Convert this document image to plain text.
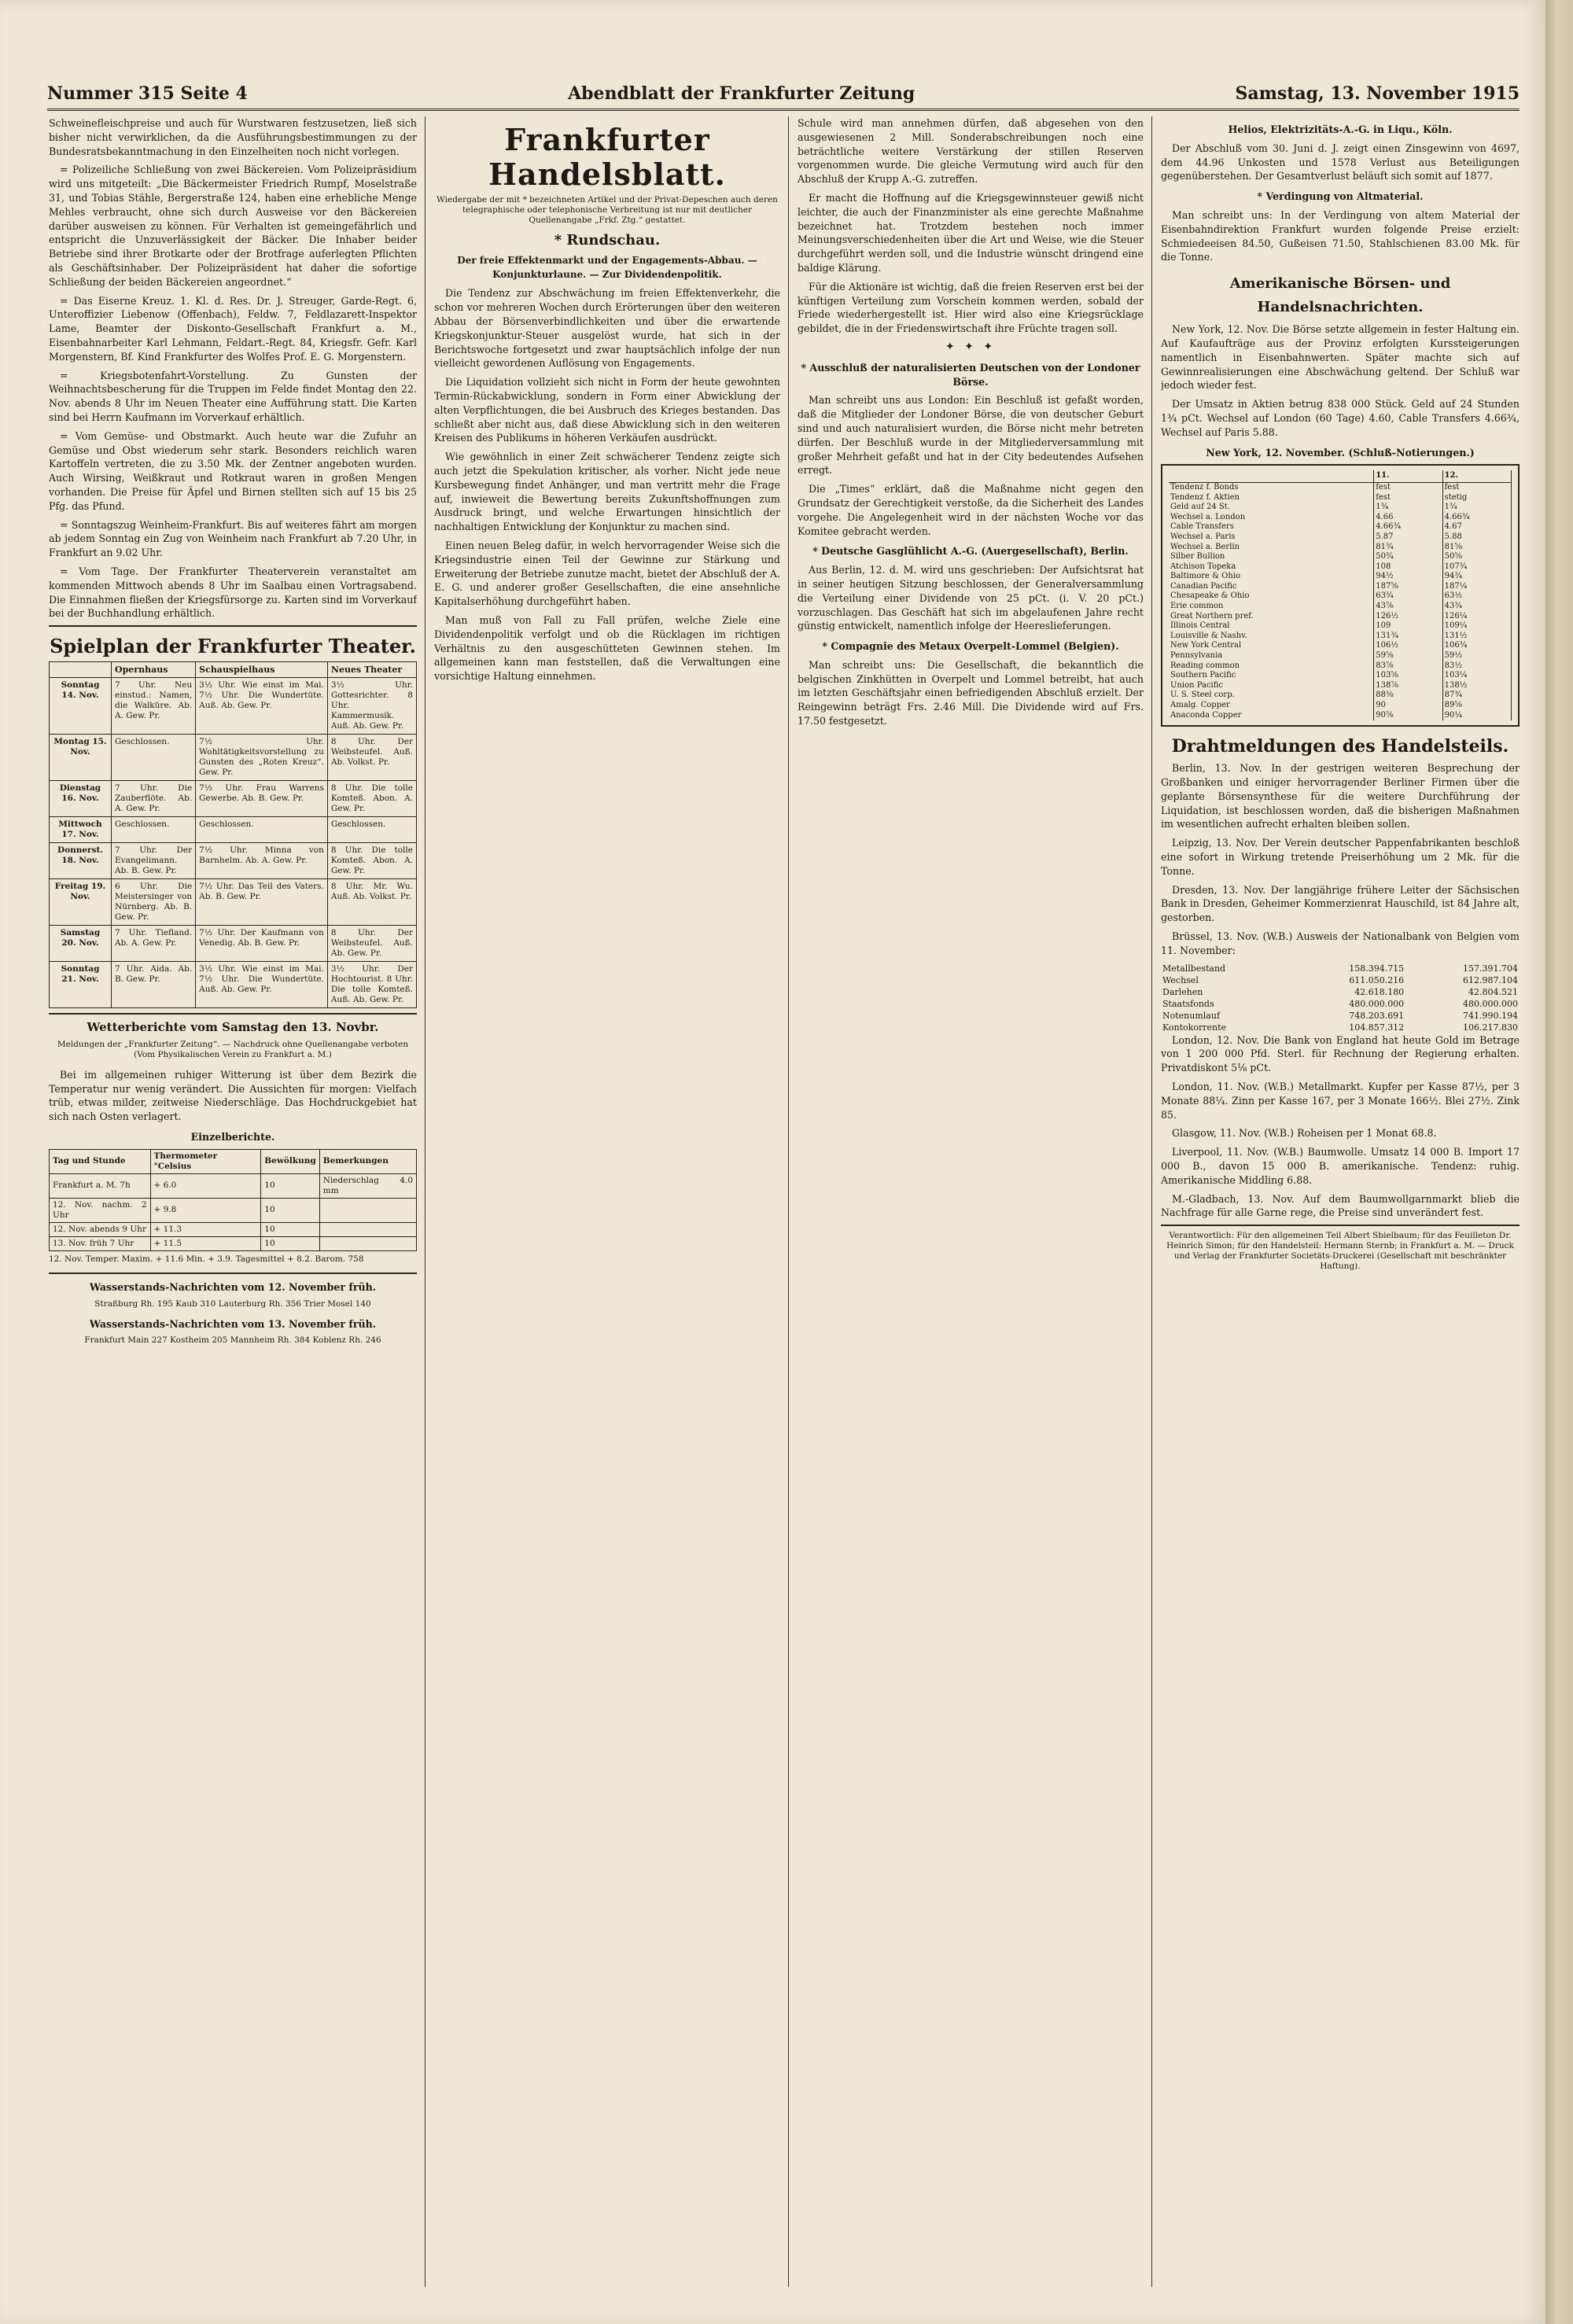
Nummer 315 Seite 4	Abendblatt der Frankfurter Zeitung	Samstag, 13. November 1915

Schweinefleischpreise und auch für Wurstwaren festzusetzen, ließ sich bisher nicht verwirklichen, da die Ausführungsbestimmungen zu der Bundesratsbekanntmachung in den Einzelheiten noch nicht vorlegen.

= Polizeiliche Schließung von zwei Bäckereien. Vom Polizeipräsidium wird uns mitgeteilt: „Die Bäckermeister Friedrich Rumpf, Moselstraße 31, und Tobias Stähle, Bergerstraße 124, haben eine erhebliche Menge Mehles verbraucht, ohne sich durch Ausweise vor den Bäckereien darüber ausweisen zu können. Für Verhalten ist gemeingefährlich und entspricht die Unzuverlässigkeit der Bäcker. Die Inhaber beider Betriebe sind ihrer Brotkarte oder der Brotfrage auferlegten Pflichten als Geschäftsinhaber. Der Polizeipräsident hat daher die sofortige Schließung der beiden Bäckereien angeordnet.“

= Das Eiserne Kreuz. 1. Kl. d. Res. Dr. J. Streuger, Garde-Regt. 6, Unteroffizier Liebenow (Offenbach), Feldw. 7, Feldlazarett-Inspektor Lame, Beamter der Diskonto-Gesellschaft Frankfurt a. M., Eisenbahnarbeiter Karl Lehmann, Feldart.-Regt. 84, Kriegsfr. Gefr. Karl Morgenstern, Bf. Kind Frankfurter des Wolfes Prof. E. G. Morgenstern.

= Kriegsbotenfahrt-Vorstellung. Zu Gunsten der Weihnachtsbescherung für die Truppen im Felde findet Montag den 22. Nov. abends 8 Uhr im Neuen Theater eine Aufführung statt. Die Karten sind bei Herrn Kaufmann im Vorverkauf erhältlich.

= Vom Gemüse- und Obstmarkt. Auch heute war die Zufuhr an Gemüse und Obst wiederum sehr stark. Besonders reichlich waren Kartoffeln vertreten, die zu 3.50 Mk. der Zentner angeboten wurden. Auch Wirsing, Weißkraut und Rotkraut waren in großen Mengen vorhanden. Die Preise für Äpfel und Birnen stellten sich auf 15 bis 25 Pfg. das Pfund.

= Sonntagszug Weinheim-Frankfurt. Bis auf weiteres fährt am morgen ab jedem Sonntag ein Zug von Weinheim nach Frankfurt ab 7.20 Uhr, in Frankfurt an 9.02 Uhr.

= Vom Tage. Der Frankfurter Theaterverein veranstaltet am kommenden Mittwoch abends 8 Uhr im Saalbau einen Vortragsabend. Die Einnahmen fließen der Kriegsfürsorge zu. Karten sind im Vorverkauf bei der Buchhandlung erhältlich.

Spielplan der Frankfurter Theater.
	Opernhaus	Schauspielhaus	Neues Theater
Sonntag 14. Nov.	7 Uhr. Neu einstud.: Namen, die Walküre. Ab. A. Gew. Pr.	3½ Uhr. Wie einst im Mai. 7½ Uhr. Die Wundertüte. Auß. Ab. Gew. Pr.	3½ Uhr. Gottesrichter. 8 Uhr. Kammermusik. Auß. Ab. Gew. Pr.
Montag 15. Nov.	Geschlossen.	7½ Uhr. Wohltätigkeitsvorstellung zu Gunsten des „Roten Kreuz“. Gew. Pr.	8 Uhr. Der Weibsteufel. Auß. Ab. Volkst. Pr.
Dienstag 16. Nov.	7 Uhr. Die Zauberflöte. Ab. A. Gew. Pr.	7½ Uhr. Frau Warrens Gewerbe. Ab. B. Gew. Pr.	8 Uhr. Die tolle Komteß. Abon. A. Gew. Pr.
Mittwoch 17. Nov.	Geschlossen.	Geschlossen.	Geschlossen.
Donnerst. 18. Nov.	7 Uhr. Der Evangelimann. Ab. B. Gew. Pr.	7½ Uhr. Minna von Barnhelm. Ab. A. Gew. Pr.	8 Uhr. Die tolle Komteß. Abon. A. Gew. Pr.
Freitag 19. Nov.	6 Uhr. Die Meistersinger von Nürnberg. Ab. B. Gew. Pr.	7½ Uhr. Das Teil des Vaters. Ab. B. Gew. Pr.	8 Uhr. Mr. Wu. Auß. Ab. Volkst. Pr.
Samstag 20. Nov.	7 Uhr. Tiefland. Ab. A. Gew. Pr.	7½ Uhr. Der Kaufmann von Venedig. Ab. B. Gew. Pr.	8 Uhr. Der Weibsteufel. Auß. Ab. Gew. Pr.
Sonntag 21. Nov.	7 Uhr. Aida. Ab. B. Gew. Pr.	3½ Uhr. Wie einst im Mai. 7½ Uhr. Die Wundertüte. Auß. Ab. Gew. Pr.	3½ Uhr. Der Hochtourist. 8 Uhr. Die tolle Komteß. Auß. Ab. Gew. Pr.
Wetterberichte vom Samstag den 13. Novbr.
Meldungen der „Frankfurter Zeitung“. — Nachdruck ohne Quellenangabe verboten (Vom Physikalischen Verein zu Frankfurt a. M.)

Bei im allgemeinen ruhiger Witterung ist über dem Bezirk die Temperatur nur wenig verändert. Die Aussichten für morgen: Vielfach trüb, etwas milder, zeitweise Niederschläge. Das Hochdruckgebiet hat sich nach Osten verlagert.

Einzelberichte.
Tag und Stunde	Thermometer °Celsius	Bewölkung	Bemerkungen
Frankfurt a. M. 7h	+ 6.0	10	Niederschlag 4.0 mm
12. Nov. nachm. 2 Uhr	+ 9.8	10	
12. Nov. abends 9 Uhr	+ 11.3	10	
13. Nov. früh 7 Uhr	+ 11.5	10	
12. Nov. Temper. Maxim. + 11.6 Min. + 3.9. Tagesmittel + 8.2. Barom. 758
Wasserstands-Nachrichten vom 12. November früh.
Straßburg Rh. 195 Kaub 310 Lauterburg Rh. 356 Trier Mosel 140
Wasserstands-Nachrichten vom 13. November früh.
Frankfurt Main 227 Kostheim 205 Mannheim Rh. 384 Koblenz Rh. 246
Frankfurter Handelsblatt.
Wiedergabe der mit * bezeichneten Artikel und der Privat-Depeschen auch deren telegraphische oder telephonische Verbreitung ist nur mit deutlicher Quellenangabe „Frkf. Ztg.“ gestattet.
* Rundschau.
Der freie Effektenmarkt und der Engagements-Abbau. — Konjunkturlaune. — Zur Dividendenpolitik.

Die Tendenz zur Abschwächung im freien Effektenverkehr, die schon vor mehreren Wochen durch Erörterungen über den weiteren Abbau der Börsenverbindlichkeiten und über die erwartende Kriegskonjunktur-Steuer ausgelöst wurde, hat sich in der Berichtswoche fortgesetzt und zwar hauptsächlich infolge der nun vielleicht gewordenen Auflösung von Engagements.

Die Liquidation vollzieht sich nicht in Form der heute gewohnten Termin-Rückabwicklung, sondern in Form einer Abwicklung der alten Verpflichtungen, die bei Ausbruch des Krieges bestanden. Das schließt aber nicht aus, daß diese Abwicklung sich in den weiteren Kreisen des Publikums in höheren Verkäufen ausdrückt.

Wie gewöhnlich in einer Zeit schwächerer Tendenz zeigte sich auch jetzt die Spekulation kritischer, als vorher. Nicht jede neue Kursbewegung findet Anhänger, und man vertritt mehr die Frage auf, inwieweit die Bewertung bereits Zukunftshoffnungen zum Ausdruck bringt, und welche Erwartungen hinsichtlich der nachhaltigen Entwicklung der Konjunktur zu machen sind.

Einen neuen Beleg dafür, in welch hervorragender Weise sich die Kriegsindustrie einen Teil der Gewinne zur Stärkung und Erweiterung der Betriebe zunutze macht, bietet der Abschluß der A. E. G. und anderer großer Gesellschaften, die eine ansehnliche Kapitalserhöhung durchgeführt haben.

Man muß von Fall zu Fall prüfen, welche Ziele eine Dividendenpolitik verfolgt und ob die Rücklagen im richtigen Verhältnis zu den ausgeschütteten Gewinnen stehen. Im allgemeinen kann man feststellen, daß die Verwaltungen eine vorsichtige Haltung einnehmen.

Schule wird man annehmen dürfen, daß abgesehen von den ausgewiesenen 2 Mill. Sonderabschreibungen noch eine beträchtliche weitere Verstärkung der stillen Reserven vorgenommen wurde. Die gleiche Vermutung wird auch für den Abschluß der Krupp A.-G. zutreffen.

Er macht die Hoffnung auf die Kriegsgewinnsteuer gewiß nicht leichter, die auch der Finanzminister als eine gerechte Maßnahme bezeichnet hat. Trotzdem bestehen noch immer Meinungsverschiedenheiten über die Art und Weise, wie die Steuer durchgeführt werden soll, und die Industrie wünscht dringend eine baldige Klärung.

Für die Aktionäre ist wichtig, daß die freien Reserven erst bei der künftigen Verteilung zum Vorschein kommen werden, sobald der Friede wiederhergestellt ist. Hier wird also eine Kriegsrücklage gebildet, die in der Friedenswirtschaft ihre Früchte tragen soll.

✦ ✦ ✦
* Ausschluß der naturalisierten Deutschen von der Londoner Börse.

Man schreibt uns aus London: Ein Beschluß ist gefaßt worden, daß die Mitglieder der Londoner Börse, die von deutscher Geburt sind und auch naturalisiert wurden, die Börse nicht mehr betreten dürfen. Der Beschluß wurde in der Mitgliederversammlung mit großer Mehrheit gefaßt und hat in der City bedeutendes Aufsehen erregt.

Die „Times“ erklärt, daß die Maßnahme nicht gegen den Grundsatz der Gerechtigkeit verstoße, da die Sicherheit des Landes vorgehe. Die Angelegenheit wird in der nächsten Woche vor das Komitee gebracht werden.

* Deutsche Gasglühlicht A.-G. (Auergesellschaft), Berlin.

Aus Berlin, 12. d. M. wird uns geschrieben: Der Aufsichtsrat hat in seiner heutigen Sitzung beschlossen, der Generalversammlung die Verteilung einer Dividende von 25 pCt. (i. V. 20 pCt.) vorzuschlagen. Das Geschäft hat sich im abgelaufenen Jahre recht günstig entwickelt, namentlich infolge der Heereslieferungen.

* Compagnie des Metaux Overpelt-Lommel (Belgien).

Man schreibt uns: Die Gesellschaft, die bekanntlich die belgischen Zinkhütten in Overpelt und Lommel betreibt, hat auch im letzten Geschäftsjahr einen befriedigenden Abschluß erzielt. Der Reingewinn beträgt Frs. 2.46 Mill. Die Dividende wird auf Frs. 17.50 festgesetzt.

Helios, Elektrizitäts-A.-G. in Liqu., Köln.

Der Abschluß vom 30. Juni d. J. zeigt einen Zinsgewinn von 4697, dem 44.96 Unkosten und 1578 Verlust aus Beteiligungen gegenüberstehen. Der Gesamtverlust beläuft sich somit auf 1877.

* Verdingung von Altmaterial.

Man schreibt uns: In der Verdingung von altem Material der Eisenbahndirektion Frankfurt wurden folgende Preise erzielt: Schmiedeeisen 84.50, Gußeisen 71.50, Stahlschienen 83.00 Mk. für die Tonne.

Amerikanische Börsen- und Handelsnachrichten.

New York, 12. Nov. Die Börse setzte allgemein in fester Haltung ein. Auf Kaufaufträge aus der Provinz erfolgten Kurssteigerungen namentlich in Eisenbahnwerten. Später machte sich auf Gewinnrealisierungen eine Abschwächung geltend. Der Schluß war jedoch wieder fest.

Der Umsatz in Aktien betrug 838 000 Stück. Geld auf 24 Stunden 1¾ pCt. Wechsel auf London (60 Tage) 4.60, Cable Transfers 4.66¾, Wechsel auf Paris 5.88.

New York, 12. November. (Schluß-Notierungen.)
	11.	12.
Tendenz f. Bonds	fest	fest
Tendenz f. Aktien	fest	stetig
Geld auf 24 St.	1¾	1¾
Wechsel a. London	4.66	4.66¾
Cable Transfers	4.66¾	4.67
Wechsel a. Paris	5.87	5.88
Wechsel a. Berlin	81¾	81⅝
Silber Bullion	50¾	50⅝
Atchison Topeka	108	107¾
Baltimore & Ohio	94½	94¾
Canadian Pacific	187⅝	187¼
Chesapeake & Ohio	63¾	63½
Erie common	43⅞	43¾
Great Northern pref.	126½	126¼
Illinois Central	109	109¼
Louisville & Nashv.	131¾	131½
New York Central	106½	106¾
Pennsylvania	59⅝	59½
Reading common	83⅞	83½
Southern Pacific	103⅝	103¼
Union Pacific	138⅞	138½
U. S. Steel corp.	88⅜	87¾
Amalg. Copper	90	89⅝
Anaconda Copper	90⅝	90¼
Drahtmeldungen des Handelsteils.

Berlin, 13. Nov. In der gestrigen weiteren Besprechung der Großbanken und einiger hervorragender Berliner Firmen über die geplante Börsensynthese für die weitere Durchführung der Liquidation, ist beschlossen worden, daß die bisherigen Maßnahmen im wesentlichen aufrecht erhalten bleiben sollen.

Leipzig, 13. Nov. Der Verein deutscher Pappenfabrikanten beschloß eine sofort in Wirkung tretende Preiserhöhung um 2 Mk. für die Tonne.

Dresden, 13. Nov. Der langjährige frühere Leiter der Sächsischen Bank in Dresden, Geheimer Kommerzienrat Hauschild, ist 84 Jahre alt, gestorben.

Brüssel, 13. Nov. (W.B.) Ausweis der Nationalbank von Belgien vom 11. November:

Metallbestand	158.394.715	157.391.704
Wechsel	611.050.216	612.987.104
Darlehen	42.618.180	42.804.521
Staatsfonds	480.000.000	480.000.000
Notenumlauf	748.203.691	741.990.194
Kontokorrente	104.857.312	106.217.830

London, 12. Nov. Die Bank von England hat heute Gold im Betrage von 1 200 000 Pfd. Sterl. für Rechnung der Regierung erhalten. Privatdiskont 5⅛ pCt.

London, 11. Nov. (W.B.) Metallmarkt. Kupfer per Kasse 87½, per 3 Monate 88¼. Zinn per Kasse 167, per 3 Monate 166½. Blei 27½. Zink 85.

Glasgow, 11. Nov. (W.B.) Roheisen per 1 Monat 68.8.

Liverpool, 11. Nov. (W.B.) Baumwolle. Umsatz 14 000 B. Import 17 000 B., davon 15 000 B. amerikanische. Tendenz: ruhig. Amerikanische Middling 6.88.

M.-Gladbach, 13. Nov. Auf dem Baumwollgarnmarkt blieb die Nachfrage für alle Garne rege, die Preise sind unverändert fest.

Verantwortlich: Für den allgemeinen Teil Albert Sbielbaum; für das Feuilleton Dr. Heinrich Simon; für den Handelsteil: Hermann Sternb; in Frankfurt a. M. — Druck und Verlag der Frankfurter Societäts-Druckerei (Gesellschaft mit beschränkter Haftung).
